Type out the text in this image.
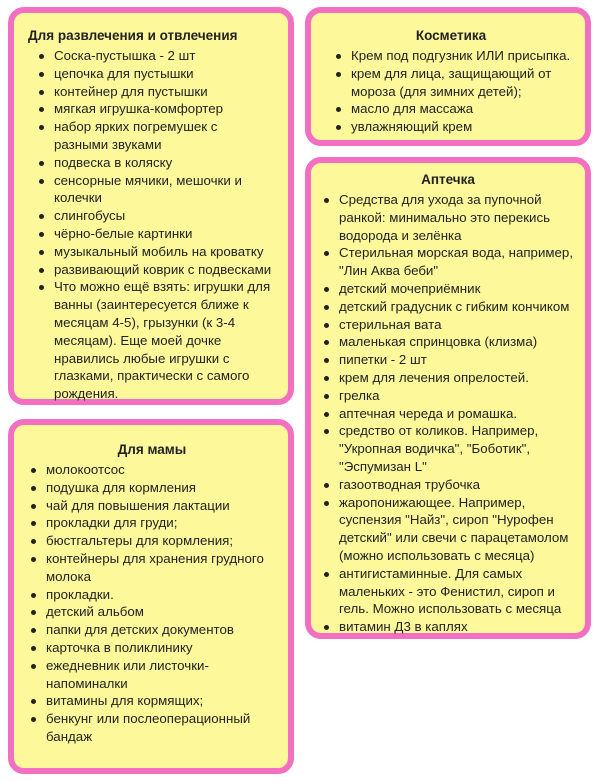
Для развлечения и отвлечения
Соска-пустышка - 2 шт
цепочка для пустышки
контейнер для пустышки
мягкая игрушка-комфортер
набор ярких погремушек с разными звуками
подвеска в коляску
сенсорные мячики, мешочки и колечки
слингобусы
чёрно-белые картинки
музыкальный мобиль на кроватку
развивающий коврик с подвесками
Что можно ещё взять: игрушки для ванны (заинтересуется ближе к месяцам 4-5), грызунки (к 3-4 месяцам). Еще моей дочке нравились любые игрушки с глазками, практически с самого рождения.
Для мамы
молокоотсос
подушка для кормления
чай для повышения лактации
прокладки для груди;
бюстгальтеры для кормления;
контейнеры для хранения грудного молока
прокладки.
детский альбом
папки для детских документов
карточка в поликлинику
ежедневник или листочки-напоминалки
витамины для кормящих;
бенкунг или послеоперационный бандаж
Косметика
Крем под подгузник ИЛИ присыпка.
крем для лица, защищающий от мороза (для зимних детей);
масло для массажа
увлажняющий крем
Аптечка
Средства для ухода за пупочной ранкой: минимально это перекись водорода и зелёнка
Стерильная морская вода, например, "Лин Аква беби"
детский мочеприёмник
детский градусник с гибким кончиком
стерильная вата
маленькая спринцовка (клизма)
пипетки - 2 шт
крем для лечения опрелостей.
грелка
аптечная череда и ромашка.
средство от коликов. Например, "Укропная водичка", "Боботик", "Эспумизан L"
газоотводная трубочка
жаропонижающее. Например, суспензия "Найз", сироп "Нурофен детский" или свечи с парацетамолом (можно использовать с месяца)
антигистаминные. Для самых маленьких - это Фенистил, сироп и гель. Можно использовать с месяца
витамин Д3 в каплях
